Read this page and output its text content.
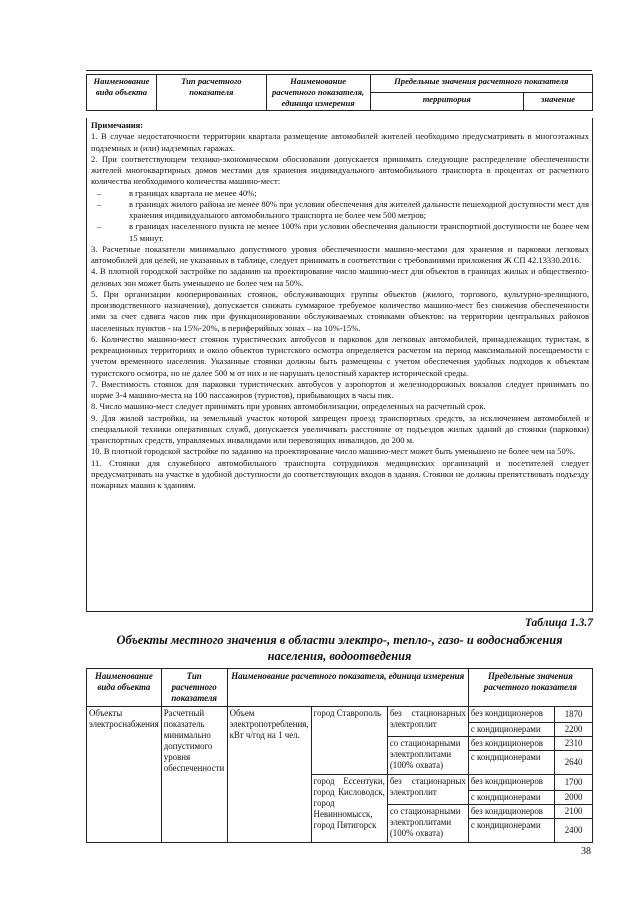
Наименование вида объекта	Тип расчетного показателя	Наименование расчетного показателя, единица измерения	Предельные значения расчетного показателя	
			территория	значение

Примечания:

1. В случае недостаточности территории квартала размещение автомобилей жителей необходимо предусматривать в многоэтажных подземных и (или) надземных гаражах.

2. При соответствующем технико-экономическом обосновании допускается принимать следующие распределение обеспеченности жителей многоквартирных домов местами для хранения индивидуального автомобильного транспорта в процентах от расчетного количества необходимого количества машино-мест:

–	в границах квартала не менее 40%;

–	в границах жилого района не менее 80% при условии обеспечения для жителей дальности пешеходной доступности мест для хранения индивидуального автомобильного транспорта не более чем 500 метров;

–	в границах населенного пункта не менее 100% при условии обеспечения дальности транспортной доступности не более чем 15 минут.

3. Расчетные показатели минимально допустимого уровня обеспеченности машино-местами для хранения и парковки легковых автомобилей для целей, не указанных в таблице, следует принимать в соответствии с требованиями приложения Ж СП 42.13330.2016.

4. В плотной городской застройке по заданию на проектирование число машино-мест для объектов в границах жилых и общественно-деловых зон может быть уменьшено не более чем на 50%.

5. При организации кооперированных стоянок, обслуживающих группы объектов (жилого, торгового, культурно-зрелищного, производственного назначения), допускается снижать суммарное требуемое количество машино-мест без снижения обеспеченности ими за счет сдвига часов пик при функционировании обслуживаемых стоянками объектов: на территории центральных районов населенных пунктов - на 15%-20%, в периферийных зонах – на 10%-15%.

6. Количество машино-мест стоянок туристических автобусов и парковок для легковых автомобилей, принадлежащих туристам, в рекреационных территориях и около объектов туристского осмотра определяется расчетом на период максимальной посещаемости с учетом временного населения. Указанные стоянки должны быть размещены с учетом обеспечения удобных подходов к объектам туристского осмотра, но не далее 500 м от них и не нарушать целостный характер исторической среды.

7. Вместимость стоянок для парковки туристических автобусов у аэропортов и железнодорожных вокзалов следует принимать по норме 3-4 машино-места на 100 пассажиров (туристов), прибывающих в часы пик.

8. Число машино-мест следует принимать при уровнях автомобилизации, определенных на расчетный срок.

9. Для жилой застройки, на земельный участок которой запрещен проезд транспортных средств, за исключением автомобилей и специальной техники оперативных служб, допускается увеличивать расстояние от подъездов жилых зданий до стоянки (парковки) транспортных средств, управляемых инвалидами или перевозящих инвалидов, до 200 м.

10. В плотной городской застройке по заданию на проектирование число машино-мест может быть уменьшено не более чем на 50%.

11. Стоянки для служебного автомобильного транспорта сотрудников медицинских организаций и посетителей следует предусматривать на участке в удобной доступности до соответствующих входов в здания. Стоянки не должны препятствовать подъезду пожарных машин к зданиям.

Таблица 1.3.7
Объекты местного значения в области электро-, тепло-, газо- и водоснабжения населения, водоотведения
Наименование вида объекта	Тип расчетного показателя	Наименование расчетного показателя, единица измерения			Предельные значения расчетного показателя	
Объекты электроснабжения	Расчетный показатель минимально допустимого уровня обеспеченности	Объем электропотребления, кВт ч/год на 1 чел.	город Ставрополь	без стационарных электроплит	без кондиционеров	1870
					с кондиционерами	2200
				со стационарными электроплитами (100% охвата)	без кондиционеров	2310
					с кондиционерами	2640
			город Ессентуки, город Кисловодск, город Невинномысск, город Пятигорск	без стационарных электроплит	без кондиционеров	1700
					с кондиционерами	2000
				со стационарными электроплитами (100% охвата)	без кондиционеров	2100
					с кондиционерами	2400
38
